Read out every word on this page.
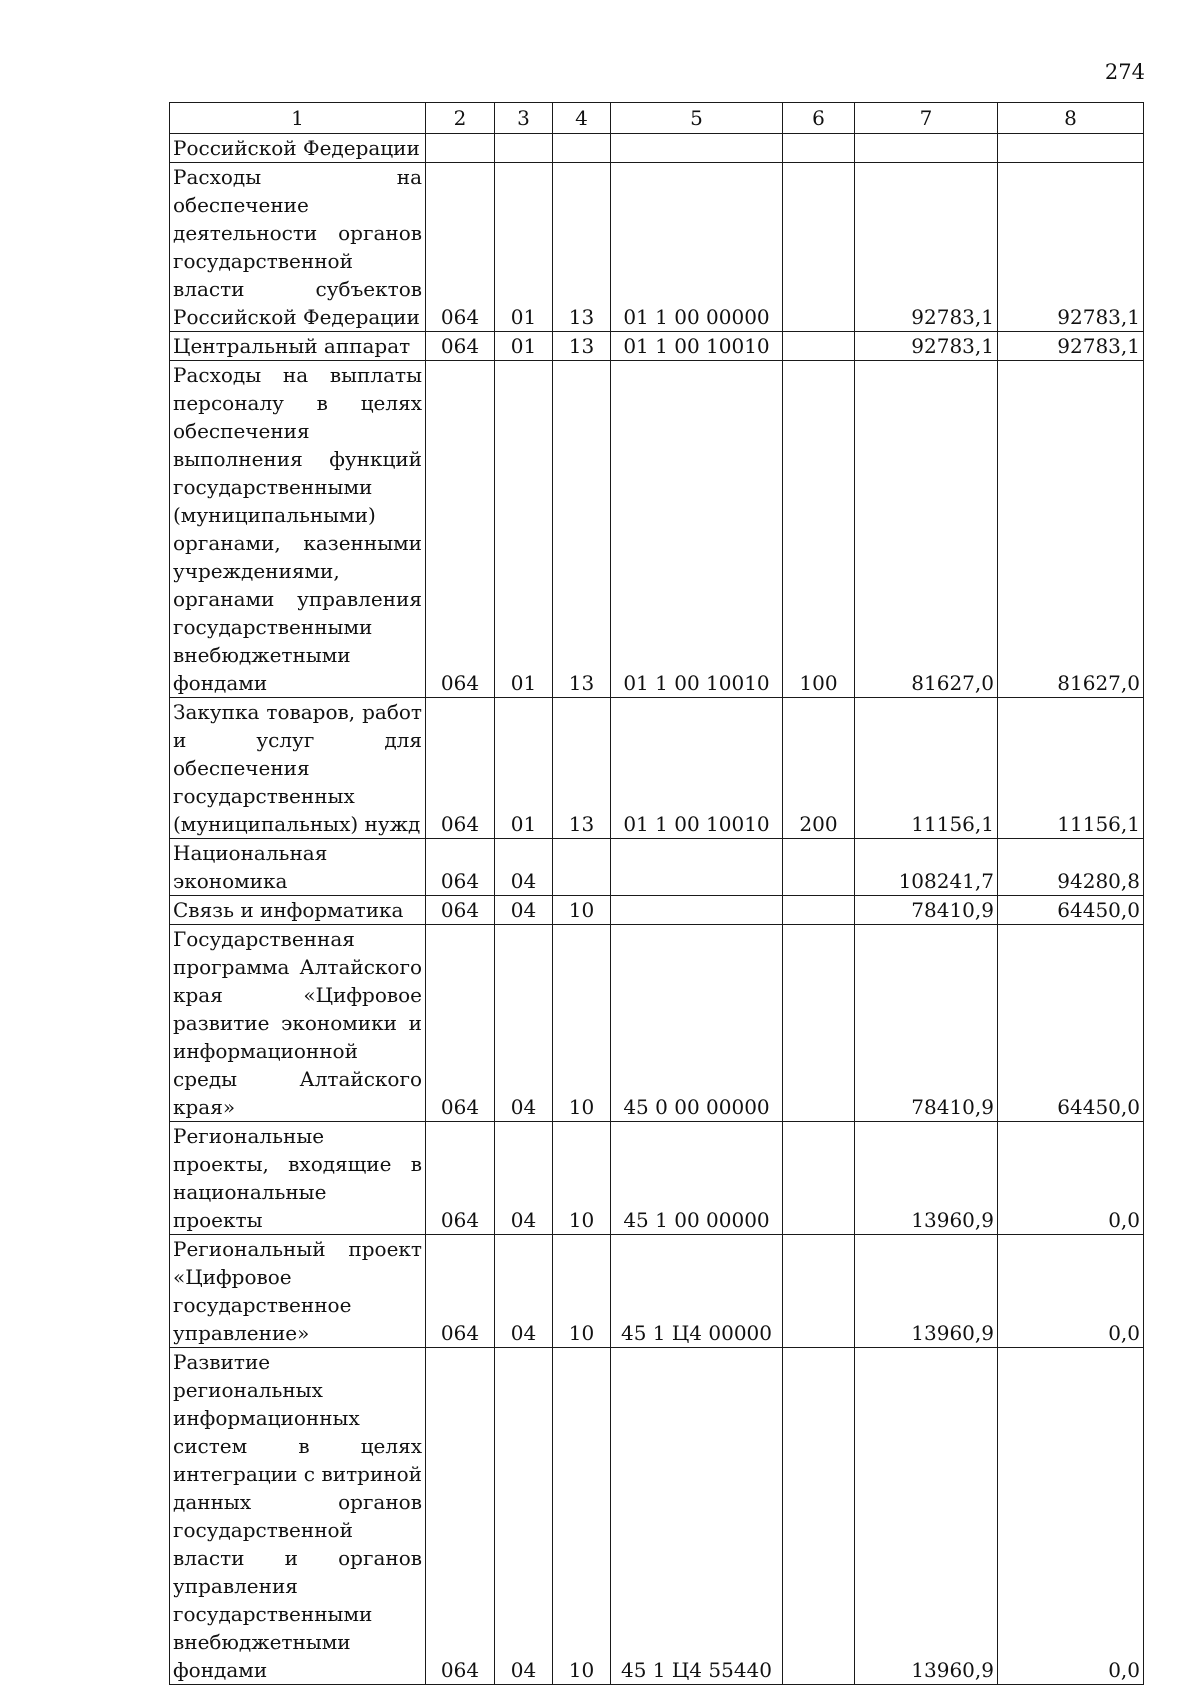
274
1	2	3	4	5	6	7	8

Российской Федерации							

Расходы на обеспечение деятельности органов государственной власти субъектов Российской Федерации	064	01	13	01 1 00 00000		92783,1	92783,1

Центральный аппарат	064	01	13	01 1 00 10010		92783,1	92783,1

Расходы на выплаты персоналу в целях обеспечения выполнения функций государственными (муниципальными) органами, казенными учреждениями, органами управления государственными внебюджетными фондами	064	01	13	01 1 00 10010	100	81627,0	81627,0

Закупка товаров, работ и услуг для обеспечения государственных (муниципальных) нужд	064	01	13	01 1 00 10010	200	11156,1	11156,1

Национальная экономика	064	04				108241,7	94280,8

Связь и информатика	064	04	10			78410,9	64450,0

Государственная программа Алтайского края «Цифровое развитие экономики и информационной среды Алтайского края»	064	04	10	45 0 00 00000		78410,9	64450,0

Региональные проекты, входящие в национальные проекты	064	04	10	45 1 00 00000		13960,9	0,0

Региональный проект «Цифровое государственное управление»	064	04	10	45 1 Ц4 00000		13960,9	0,0

Развитие региональных информационных систем в целях интеграции с витриной данных органов государственной власти и органов управления государственными внебюджетными фондами	064	04	10	45 1 Ц4 55440		13960,9	0,0
